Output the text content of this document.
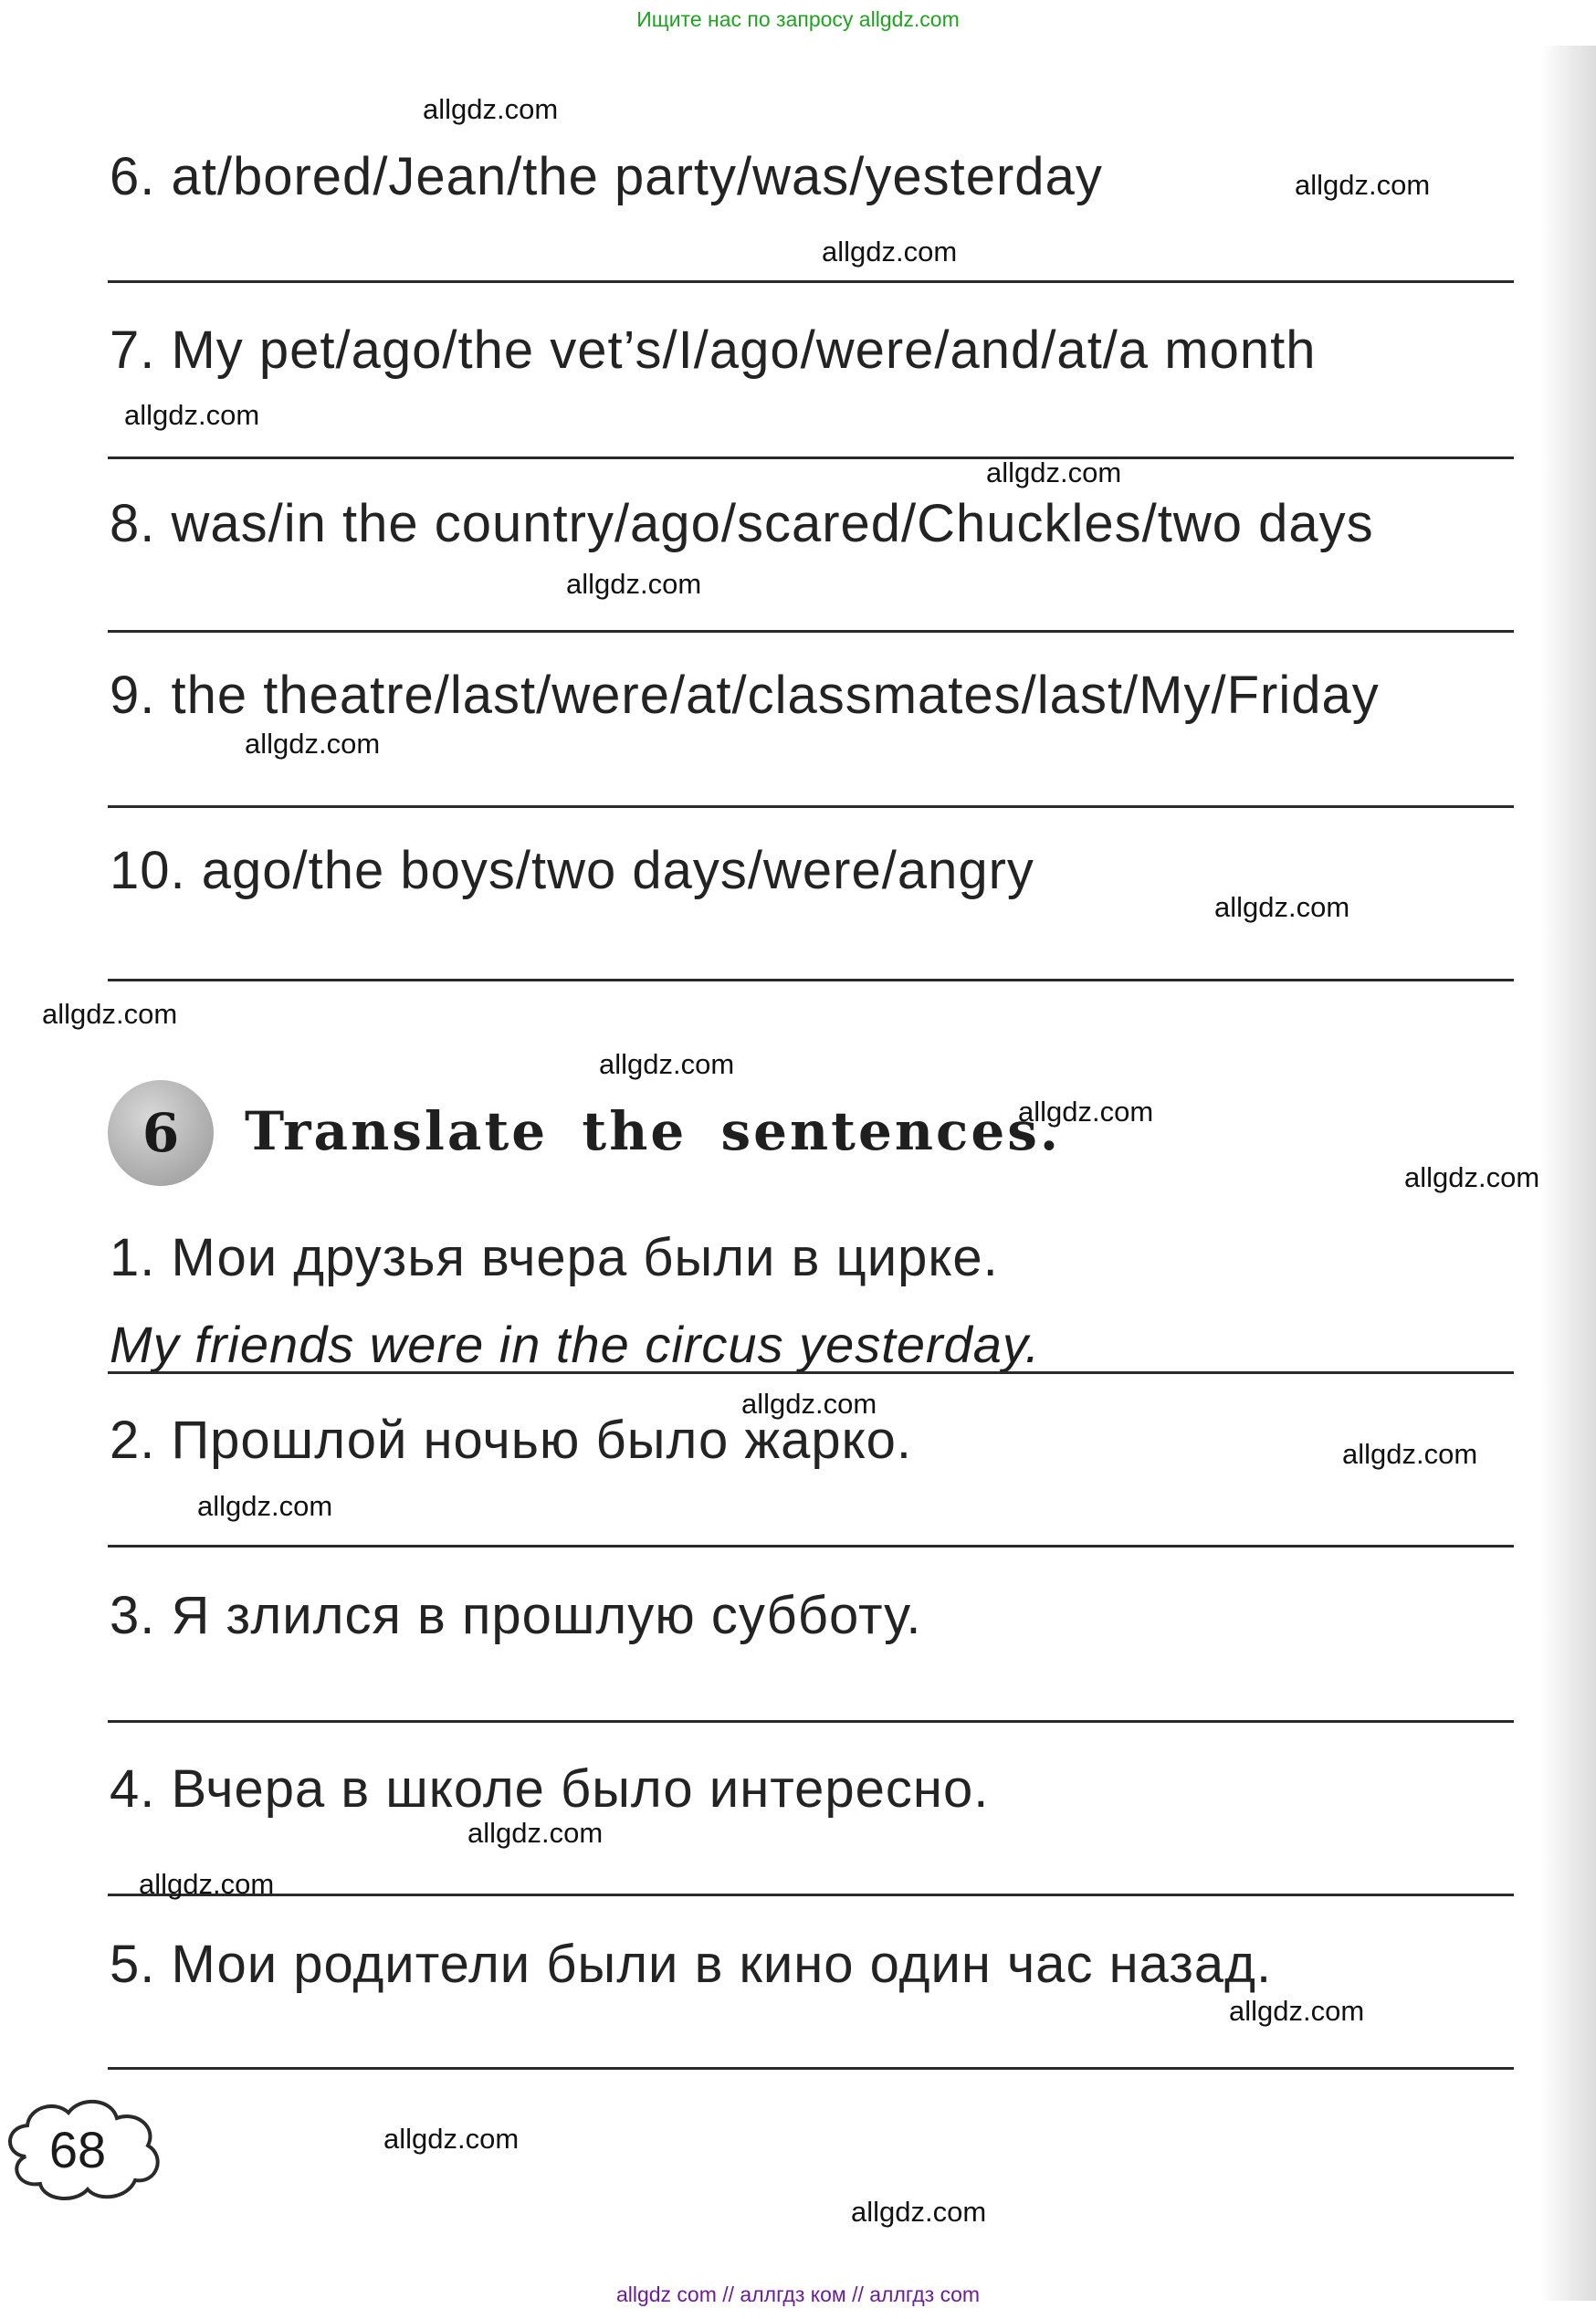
Ищите нас по запросу allgdz.com
6. at/bored/Jean/the party/was/yesterday
7. My pet/ago/the vet’s/I/ago/were/and/at/a month
8. was/in the country/ago/scared/Chuckles/two days
9. the theatre/last/were/at/classmates/last/My/Friday
10. ago/the boys/two days/were/angry
6 Translate the sentences.
1. Мои друзья вчера были в цирке.
My friends were in the circus yesterday.
2. Прошлой ночью было жарко.
3. Я злился в прошлую субботу.
4. Вчера в школе было интересно.
5. Мои родители были в кино один час назад.
68
allgdz.com
allgdz.com
allgdz.com
allgdz.com
allgdz.com
allgdz.com
allgdz.com
allgdz.com
allgdz.com
allgdz.com
allgdz.com
allgdz.com
allgdz.com
allgdz.com
allgdz.com
allgdz.com
allgdz.com
allgdz.com
allgdz.com
allgdz.com
allgdz com // аллгдз ком // аллгдз com
